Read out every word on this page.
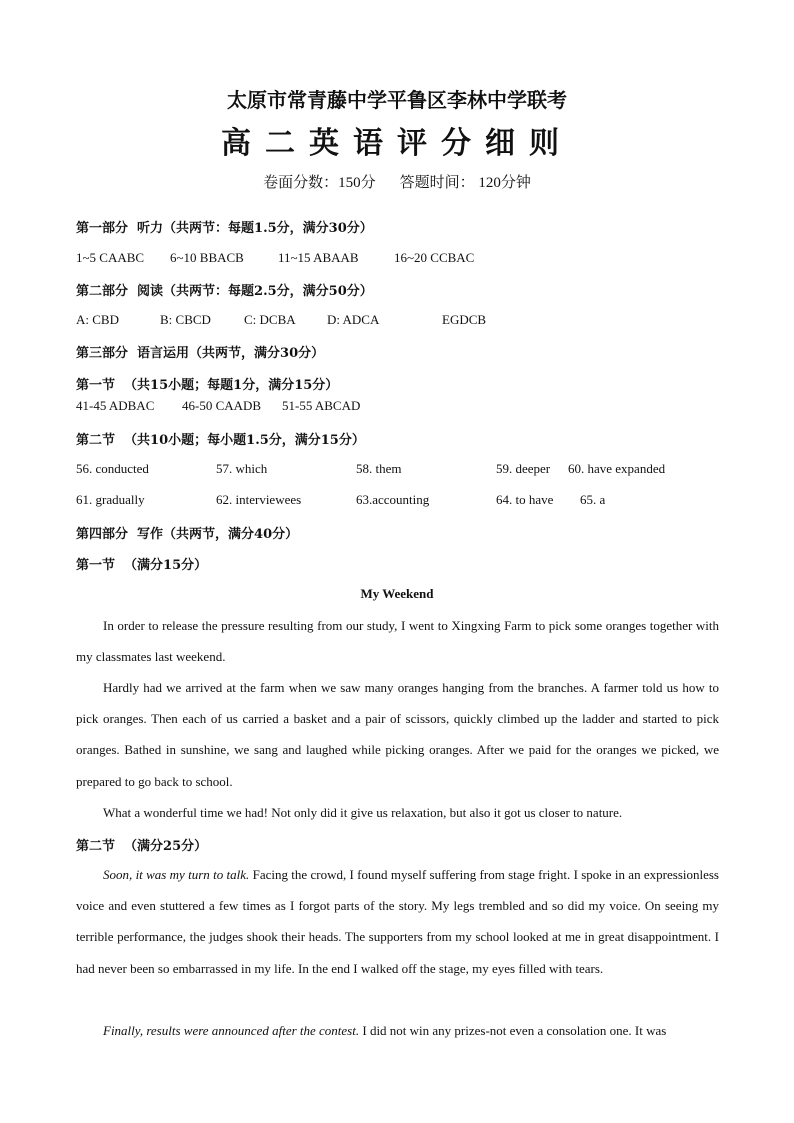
太原市常青藤中学平鲁区李林中学联考
高二英语评分细则
卷面分数：150分 答题时间： 120分钟
第一部分  听力（共两节：每题1.5分，满分30分）
1~5 CAABC 6~10 BBACB	11~15 ABAAB	16~20 CCBAC
第二部分  阅读（共两节：每题2.5分，满分50分）
A: CBD	B: CBCD	C: DCBA D: ADCA	EGDCB
第三部分  语言运用（共两节，满分30分）
第一节  （共15小题；每题1分，满分15分）
41-45 ADBAC 46-50 CAADB 51-55 ABCAD
第二节  （共10小题；每小题1.5分，满分15分）
56. conducted	57. which	58. them	59. deeper 60. have expanded
61. gradually	62. interviewees	63.accounting	64. to have 65. a
第四部分  写作（共两节，满分40分）
第一节  （满分15分）
My Weekend

In order to release the pressure resulting from our study, I went to Xingxing Farm to pick some oranges together with my classmates last weekend.

Hardly had we arrived at the farm when we saw many oranges hanging from the branches. A farmer told us how to pick oranges. Then each of us carried a basket and a pair of scissors, quickly climbed up the ladder and started to pick oranges. Bathed in sunshine, we sang and laughed while picking oranges. After we paid for the oranges we picked, we prepared to go back to school.

What a wonderful time we had! Not only did it give us relaxation, but also it got us closer to nature.

第二节  （满分25分）

Soon, it was my turn to talk. Facing the crowd, I found myself suffering from stage fright. I spoke in an expressionless voice and even stuttered a few times as I forgot parts of the story. My legs trembled and so did my voice. On seeing my terrible performance, the judges shook their heads. The supporters from my school looked at me in great disappointment. I had never been so embarrassed in my life. In the end I walked off the stage, my eyes filled with tears.

Finally, results were announced after the contest. I did not win any prizes-not even a consolation one. It was
